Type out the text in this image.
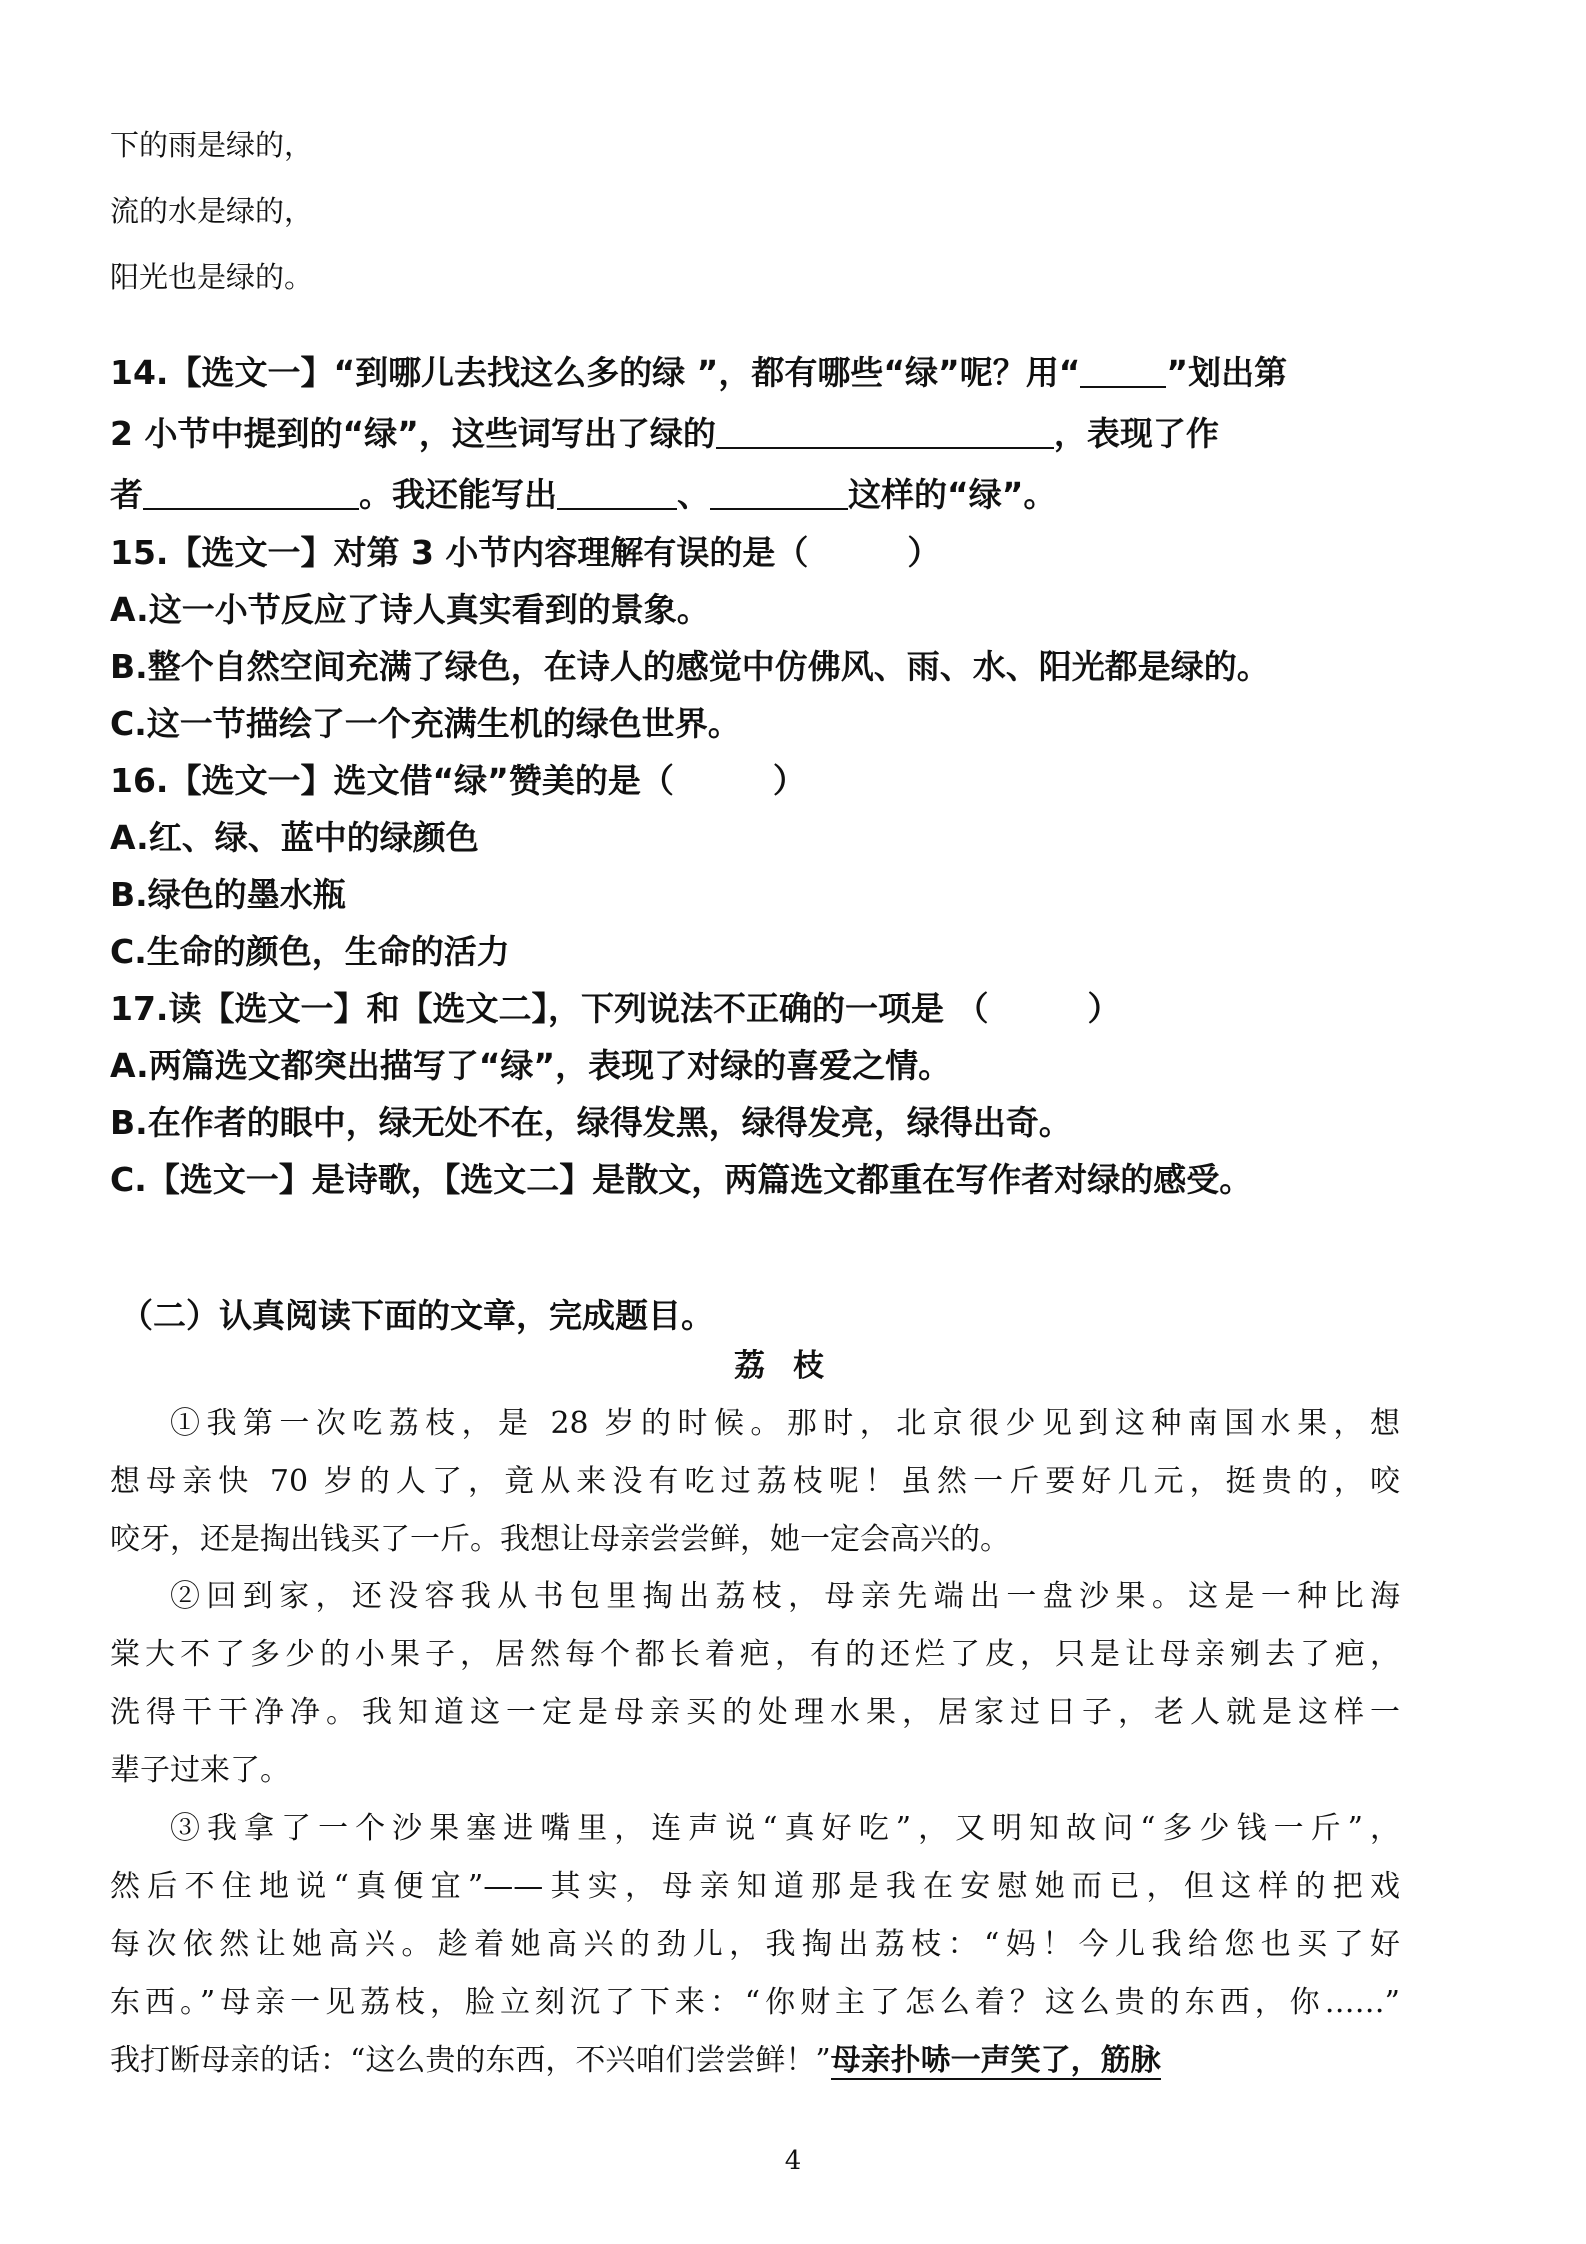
下的雨是绿的，
流的水是绿的，
阳光也是绿的。
14.【选文一】“到哪儿去找这么多的绿 ”，都有哪些“绿”呢？用“	”划出第
2 小节中提到的“绿”，这些词写出了绿的	，表现了作
者	。我还能写出	、	这样的“绿”。
15.【选文一】对第 3 小节内容理解有误的是（　　　）
A.这一小节反应了诗人真实看到的景象。
B.整个自然空间充满了绿色，在诗人的感觉中仿佛风、雨、水、阳光都是绿的。
C.这一节描绘了一个充满生机的绿色世界。
16.【选文一】选文借“绿”赞美的是（　　　）
A.红、绿、蓝中的绿颜色
B.绿色的墨水瓶
C.生命的颜色，生命的活力
17.读【选文一】和【选文二】，下列说法不正确的一项是 （　　　）
A.两篇选文都突出描写了“绿”，表现了对绿的喜爱之情。
B.在作者的眼中，绿无处不在，绿得发黑，绿得发亮，绿得出奇。
C.【选文一】是诗歌，【选文二】是散文，两篇选文都重在写作者对绿的感受。
（二）认真阅读下面的文章，完成题目。
荔枝
①我第一次吃荔枝，是 28 岁的时候。那时，北京很少见到这种南国水果，想
想母亲快 70 岁的人了，竟从来没有吃过荔枝呢！虽然一斤要好几元，挺贵的，咬
咬牙，还是掏出钱买了一斤。我想让母亲尝尝鲜，她一定会高兴的。
②回到家，还没容我从书包里掏出荔枝，母亲先端出一盘沙果。这是一种比海
棠大不了多少的小果子，居然每个都长着疤，有的还烂了皮，只是让母亲剜去了疤，
洗得干干净净。我知道这一定是母亲买的处理水果，居家过日子，老人就是这样一
辈子过来了。
③我拿了一个沙果塞进嘴里，连声说“真好吃”，又明知故问“多少钱一斤”，
然后不住地说“真便宜”——其实，母亲知道那是我在安慰她而已，但这样的把戏
每次依然让她高兴。趁着她高兴的劲儿，我掏出荔枝：“妈！今儿我给您也买了好
东西。”母亲一见荔枝，脸立刻沉了下来：“你财主了怎么着？这么贵的东西，你……”
我打断母亲的话：“这么贵的东西，不兴咱们尝尝鲜！”母亲扑哧一声笑了，筋脉
4
